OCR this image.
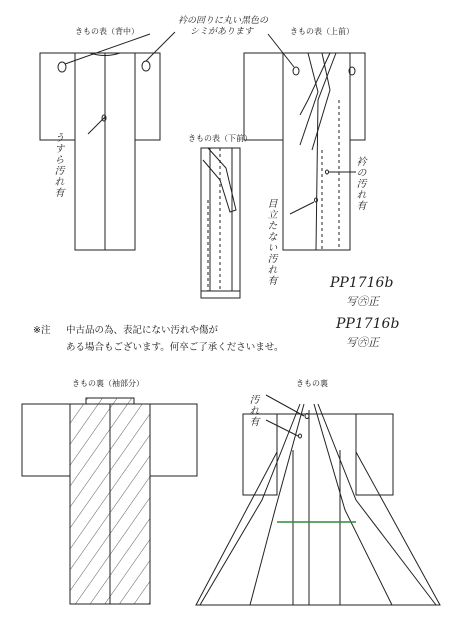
きもの表（背中）	きもの表（上前）
きもの表（下前）
きもの裏（袖部分）	きもの裏
衿の回りに丸い黒色の
シミがあります
うすら汚れ有	衿の汚れ有
目立たない汚れ有
汚れ有
PP1716b
写㊅正
PP1716b
写㊅正
※注 中古品の為、表記にない汚れや傷が
ある場合もございます。何卒ご了承くださいませ。
